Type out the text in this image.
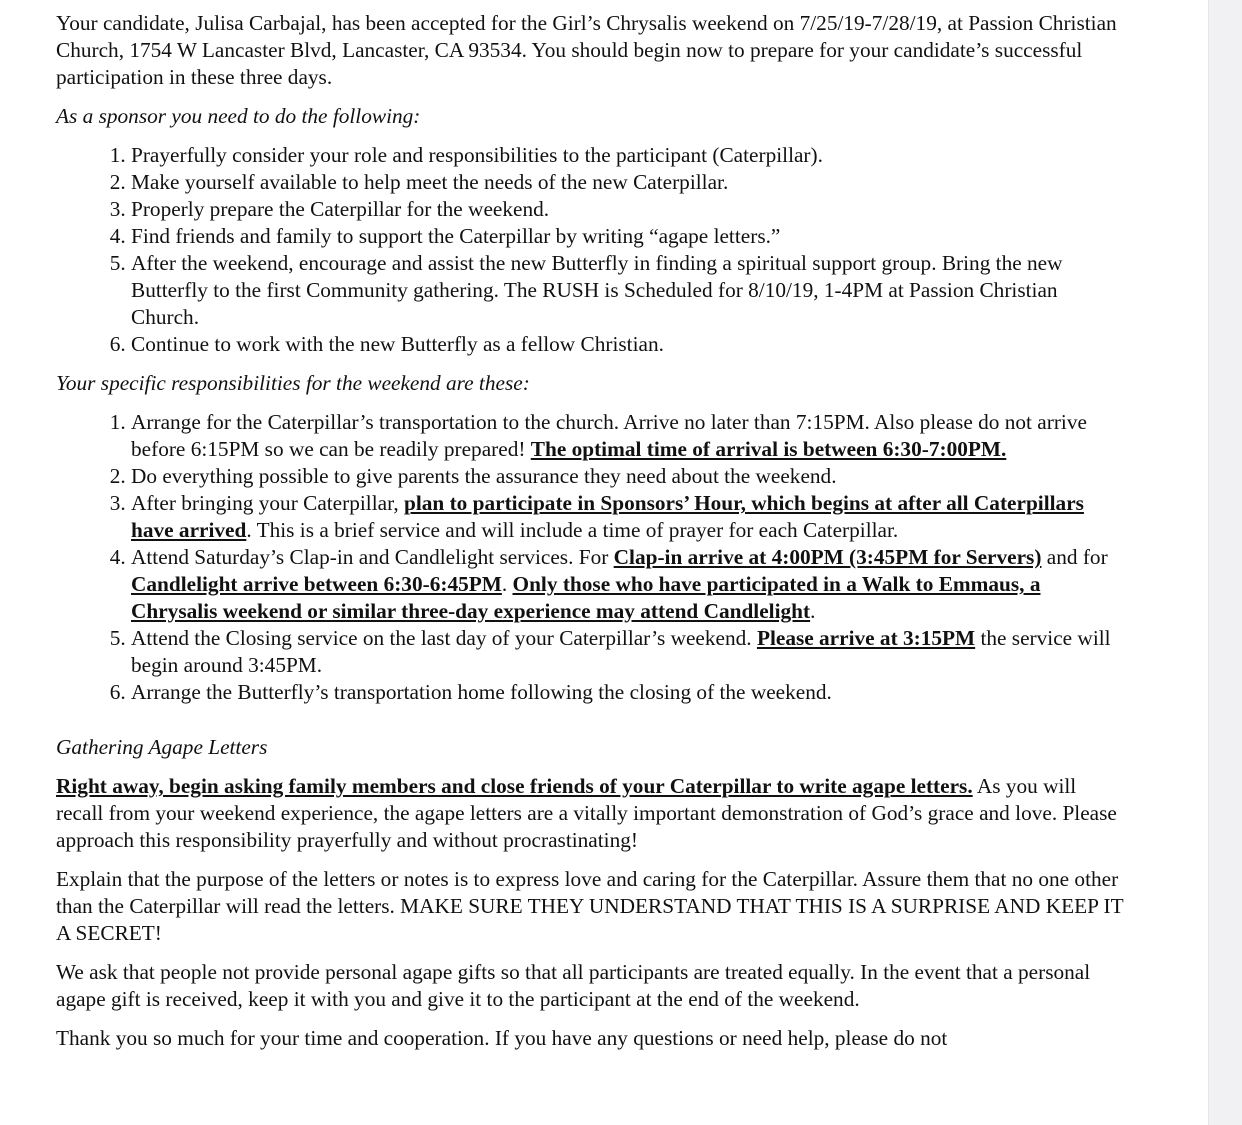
Your candidate, Julisa Carbajal, has been accepted for the Girl’s Chrysalis weekend on 7/25/19-7/28/19, at Passion Christian Church, 1754 W Lancaster Blvd, Lancaster, CA 93534. You should begin now to prepare for your candidate’s successful participation in these three days.

As a sponsor you need to do the following:

1. Prayerfully consider your role and responsibilities to the participant (Caterpillar).
2. Make yourself available to help meet the needs of the new Caterpillar.
3. Properly prepare the Caterpillar for the weekend.
4. Find friends and family to support the Caterpillar by writing “agape letters.”
5. After the weekend, encourage and assist the new Butterfly in finding a spiritual support group. Bring the new Butterfly to the first Community gathering. The RUSH is Scheduled for 8/10/19, 1-4PM at Passion Christian Church.
6. Continue to work with the new Butterfly as a fellow Christian.

Your specific responsibilities for the weekend are these:

1. Arrange for the Caterpillar’s transportation to the church. Arrive no later than 7:15PM. Also please do not arrive before 6:15PM so we can be readily prepared! The optimal time of arrival is between 6:30-7:00PM.
2. Do everything possible to give parents the assurance they need about the weekend.
3. After bringing your Caterpillar, plan to participate in Sponsors’ Hour, which begins at after all Caterpillars have arrived. This is a brief service and will include a time of prayer for each Caterpillar.
4. Attend Saturday’s Clap-in and Candlelight services. For Clap-in arrive at 4:00PM (3:45PM for Servers) and for Candlelight arrive between 6:30-6:45PM. Only those who have participated in a Walk to Emmaus, a Chrysalis weekend or similar three-day experience may attend Candlelight.
5. Attend the Closing service on the last day of your Caterpillar’s weekend. Please arrive at 3:15PM the service will begin around 3:45PM.
6. Arrange the Butterfly’s transportation home following the closing of the weekend.

Gathering Agape Letters

Right away, begin asking family members and close friends of your Caterpillar to write agape letters. As you will recall from your weekend experience, the agape letters are a vitally important demonstration of God’s grace and love. Please approach this responsibility prayerfully and without procrastinating!

Explain that the purpose of the letters or notes is to express love and caring for the Caterpillar. Assure them that no one other than the Caterpillar will read the letters. MAKE SURE THEY UNDERSTAND THAT THIS IS A SURPRISE AND KEEP IT A SECRET!

We ask that people not provide personal agape gifts so that all participants are treated equally. In the event that a personal agape gift is received, keep it with you and give it to the participant at the end of the weekend.

Thank you so much for your time and cooperation. If you have any questions or need help, please do not
